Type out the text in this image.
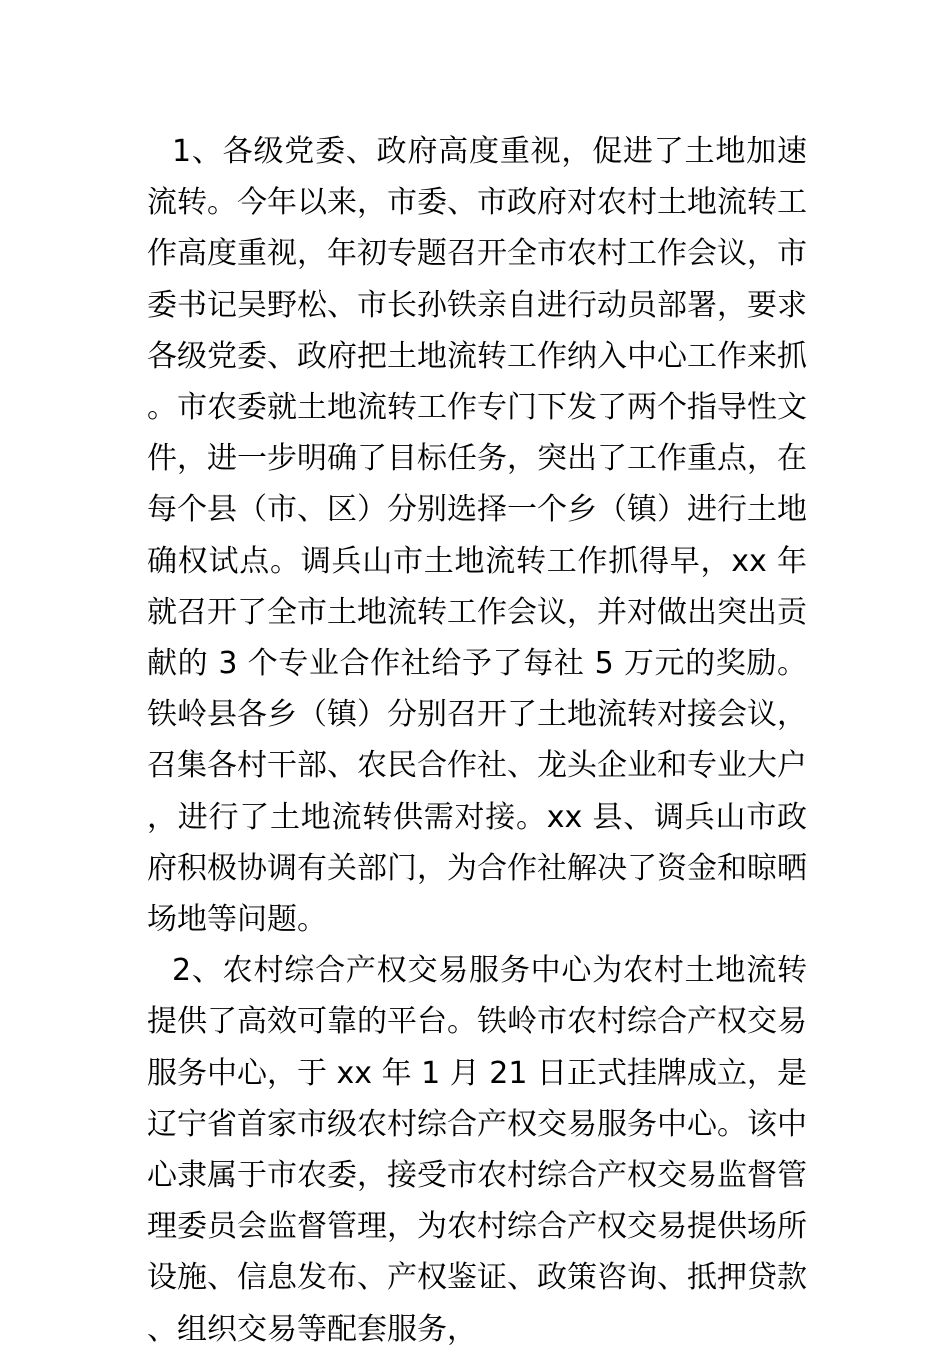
1、各级党委、政府高度重视，促进了土地加速流转。今年以来，市委、市政府对农村土地流转工作高度重视，年初专题召开全市农村工作会议，市委书记吴野松、市长孙铁亲自进行动员部署，要求各级党委、政府把土地流转工作纳入中心工作来抓。市农委就土地流转工作专门下发了两个指导性文件，进一步明确了目标任务，突出了工作重点，在每个县（市、区）分别选择一个乡（镇）进行土地确权试点。调兵山市土地流转工作抓得早，xx 年就召开了全市土地流转工作会议，并对做出突出贡献的 3 个专业合作社给予了每社 5 万元的奖励。铁岭县各乡（镇）分别召开了土地流转对接会议，召集各村干部、农民合作社、龙头企业和专业大户，进行了土地流转供需对接。xx 县、调兵山市政府积极协调有关部门，为合作社解决了资金和晾晒场地等问题。

2、农村综合产权交易服务中心为农村土地流转提供了高效可靠的平台。铁岭市农村综合产权交易服务中心，于 xx 年 1 月 21 日正式挂牌成立，是辽宁省首家市级农村综合产权交易服务中心。该中心隶属于市农委，接受市农村综合产权交易监督管理委员会监督管理，为农村综合产权交易提供场所设施、信息发布、产权鉴证、政策咨询、抵押贷款、组织交易等配套服务，
